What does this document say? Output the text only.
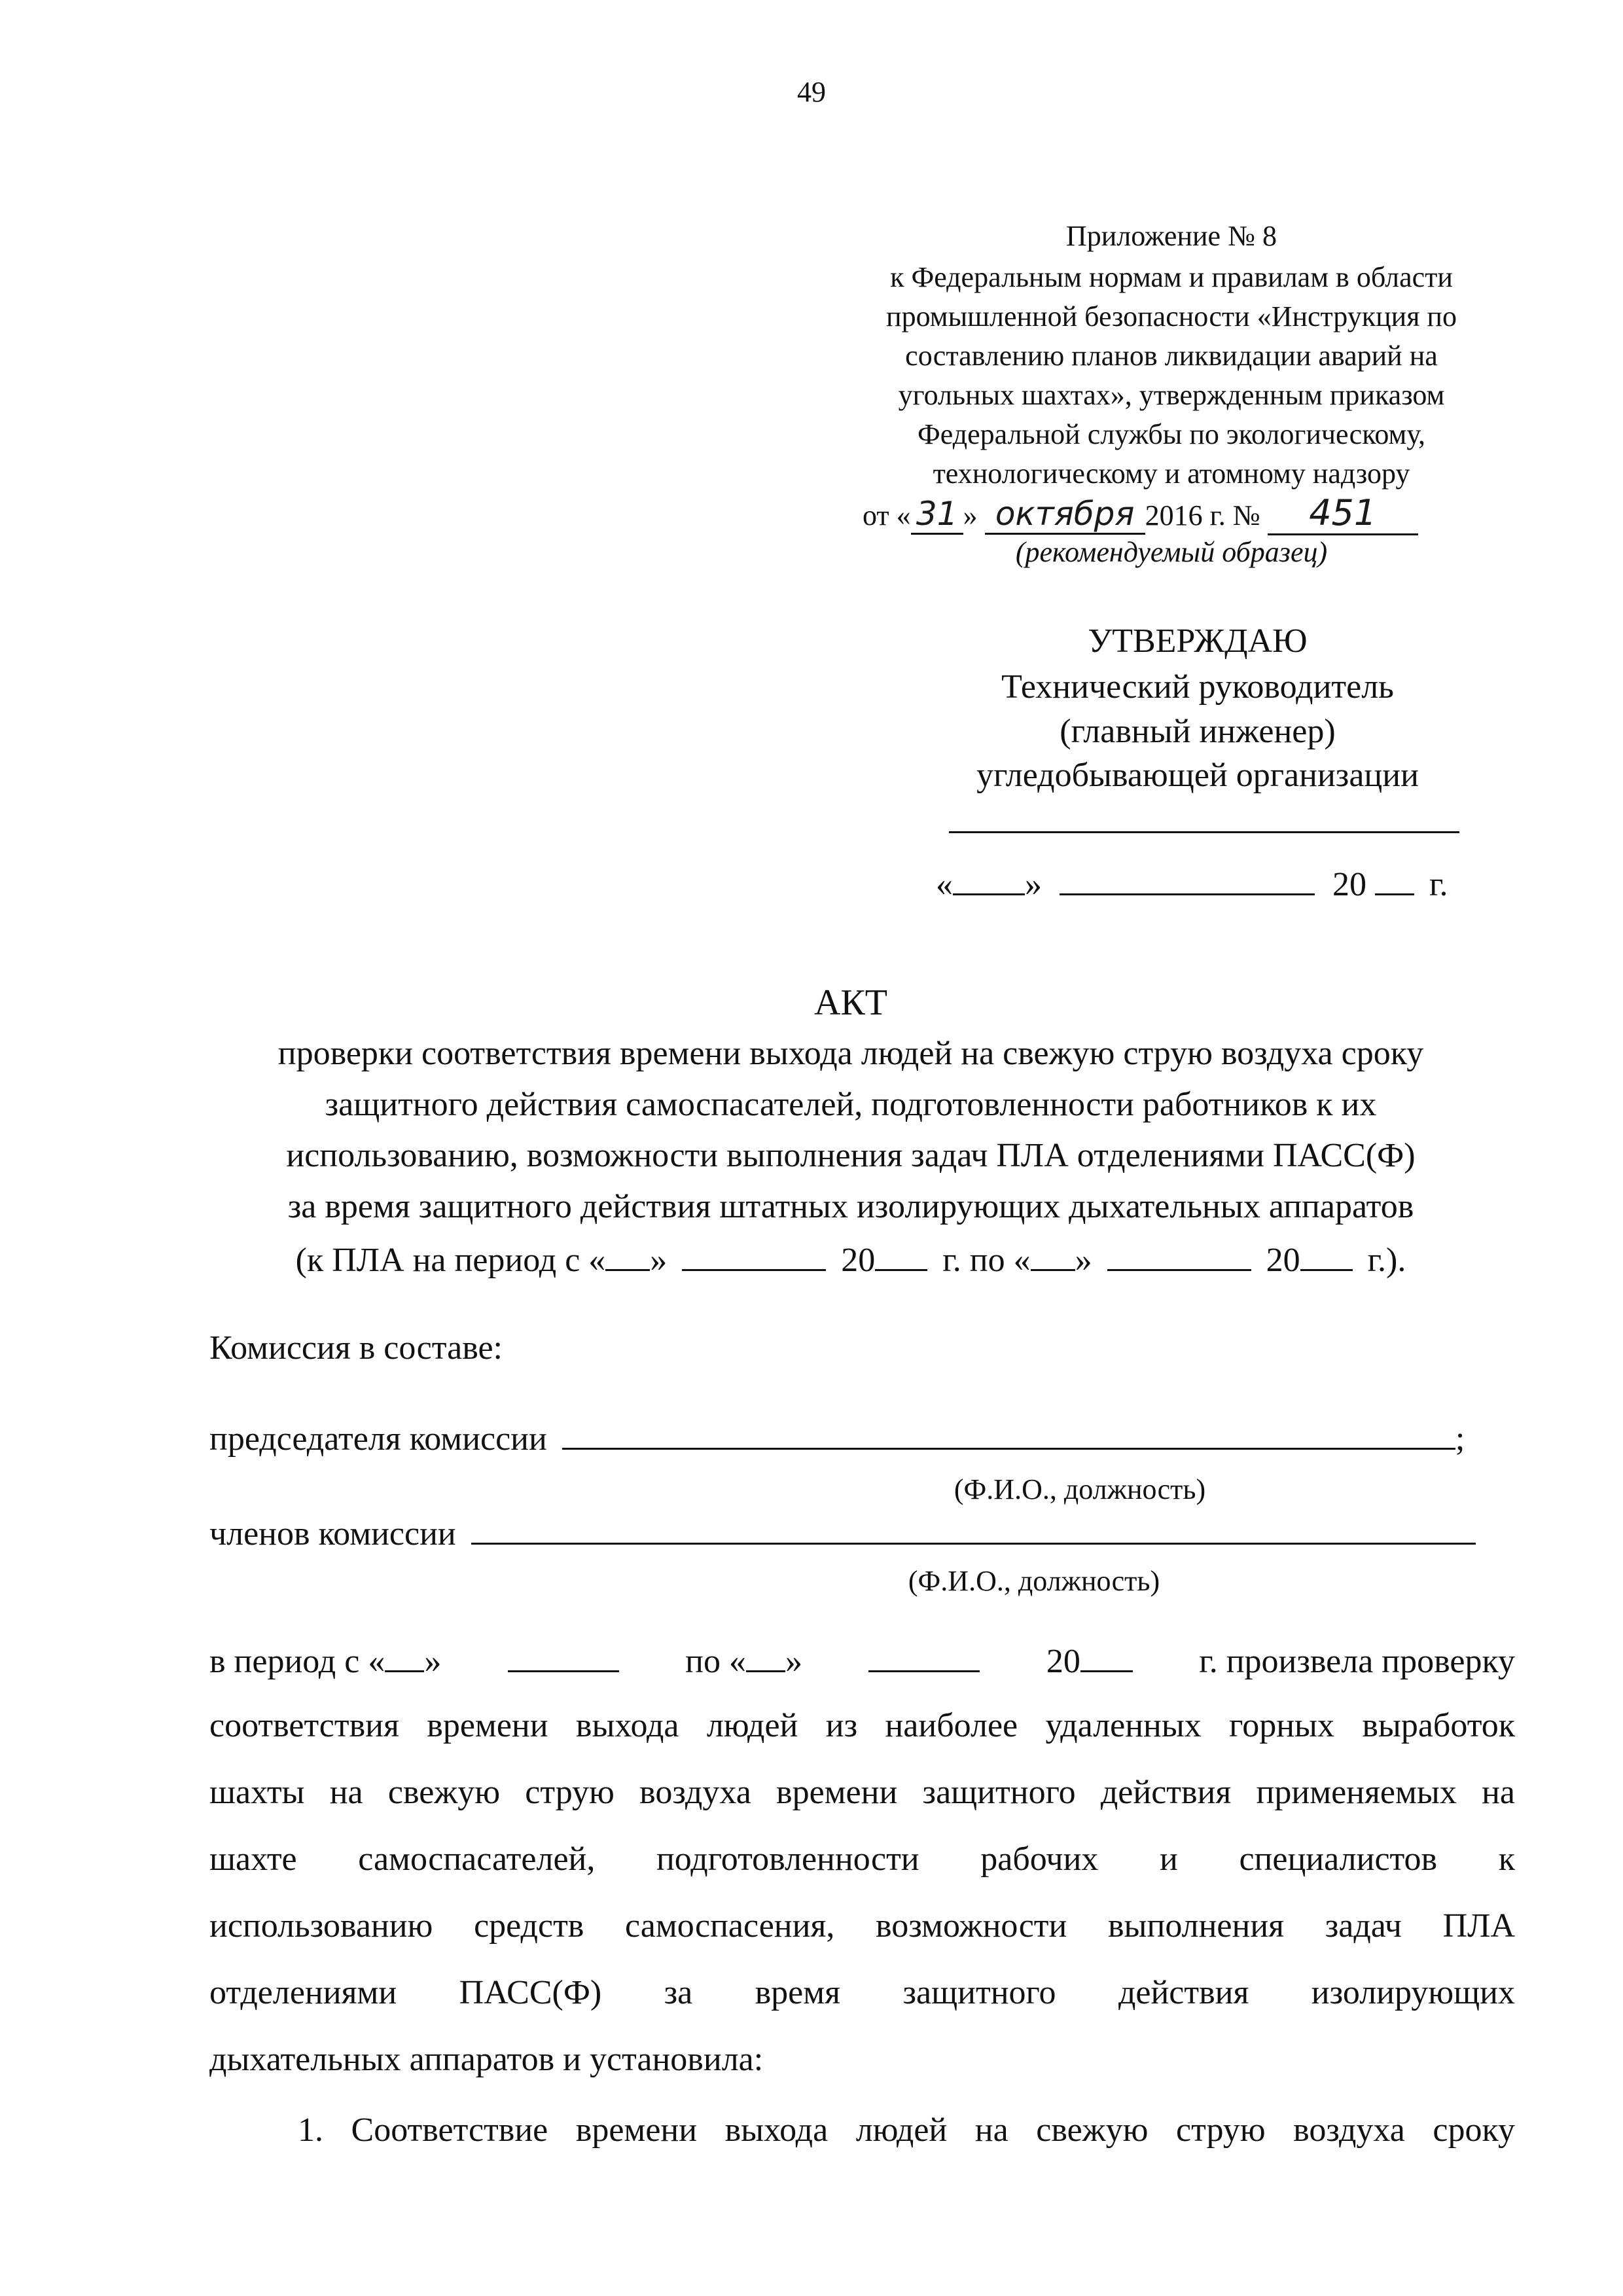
49
Приложение № 8
к Федеральным нормам и правилам в области
промышленной безопасности «Инструкция по
составлению планов ликвидации аварий на
угольных шахтах», утвержденным приказом
Федеральной службы по экологическому,
технологическому и атомному надзору
от « 31 » октября 2016 г. № 451
(рекомендуемый образец)
УТВЕРЖДАЮ
Технический руководитель
(главный инженер)
угледобывающей организации
« »	20 г.
АКТ
проверки соответствия времени выхода людей на свежую струю воздуха сроку
защитного действия самоспасателей, подготовленности работников к их
использованию, возможности выполнения задач ПЛА отделениями ПАСС(Ф)
за время защитного действия штатных изолирующих дыхательных аппаратов
(к ПЛА на период с « »	20 г. по « »	20 г.).
Комиссия в составе:
председателя комиссии	;
(Ф.И.О., должность)
членов комиссии
(Ф.И.О., должность)
в период с « »	по « »	20	г. произвела проверку
соответствия времени выхода людей из наиболее удаленных горных выработок
шахты на свежую струю воздуха времени защитного действия применяемых на
шахте самоспасателей, подготовленности рабочих и специалистов к
использованию средств самоспасения, возможности выполнения задач ПЛА
отделениями ПАСС(Ф) за время защитного действия изолирующих
дыхательных аппаратов и установила:
1. Соответствие времени выхода людей на свежую струю воздуха сроку
